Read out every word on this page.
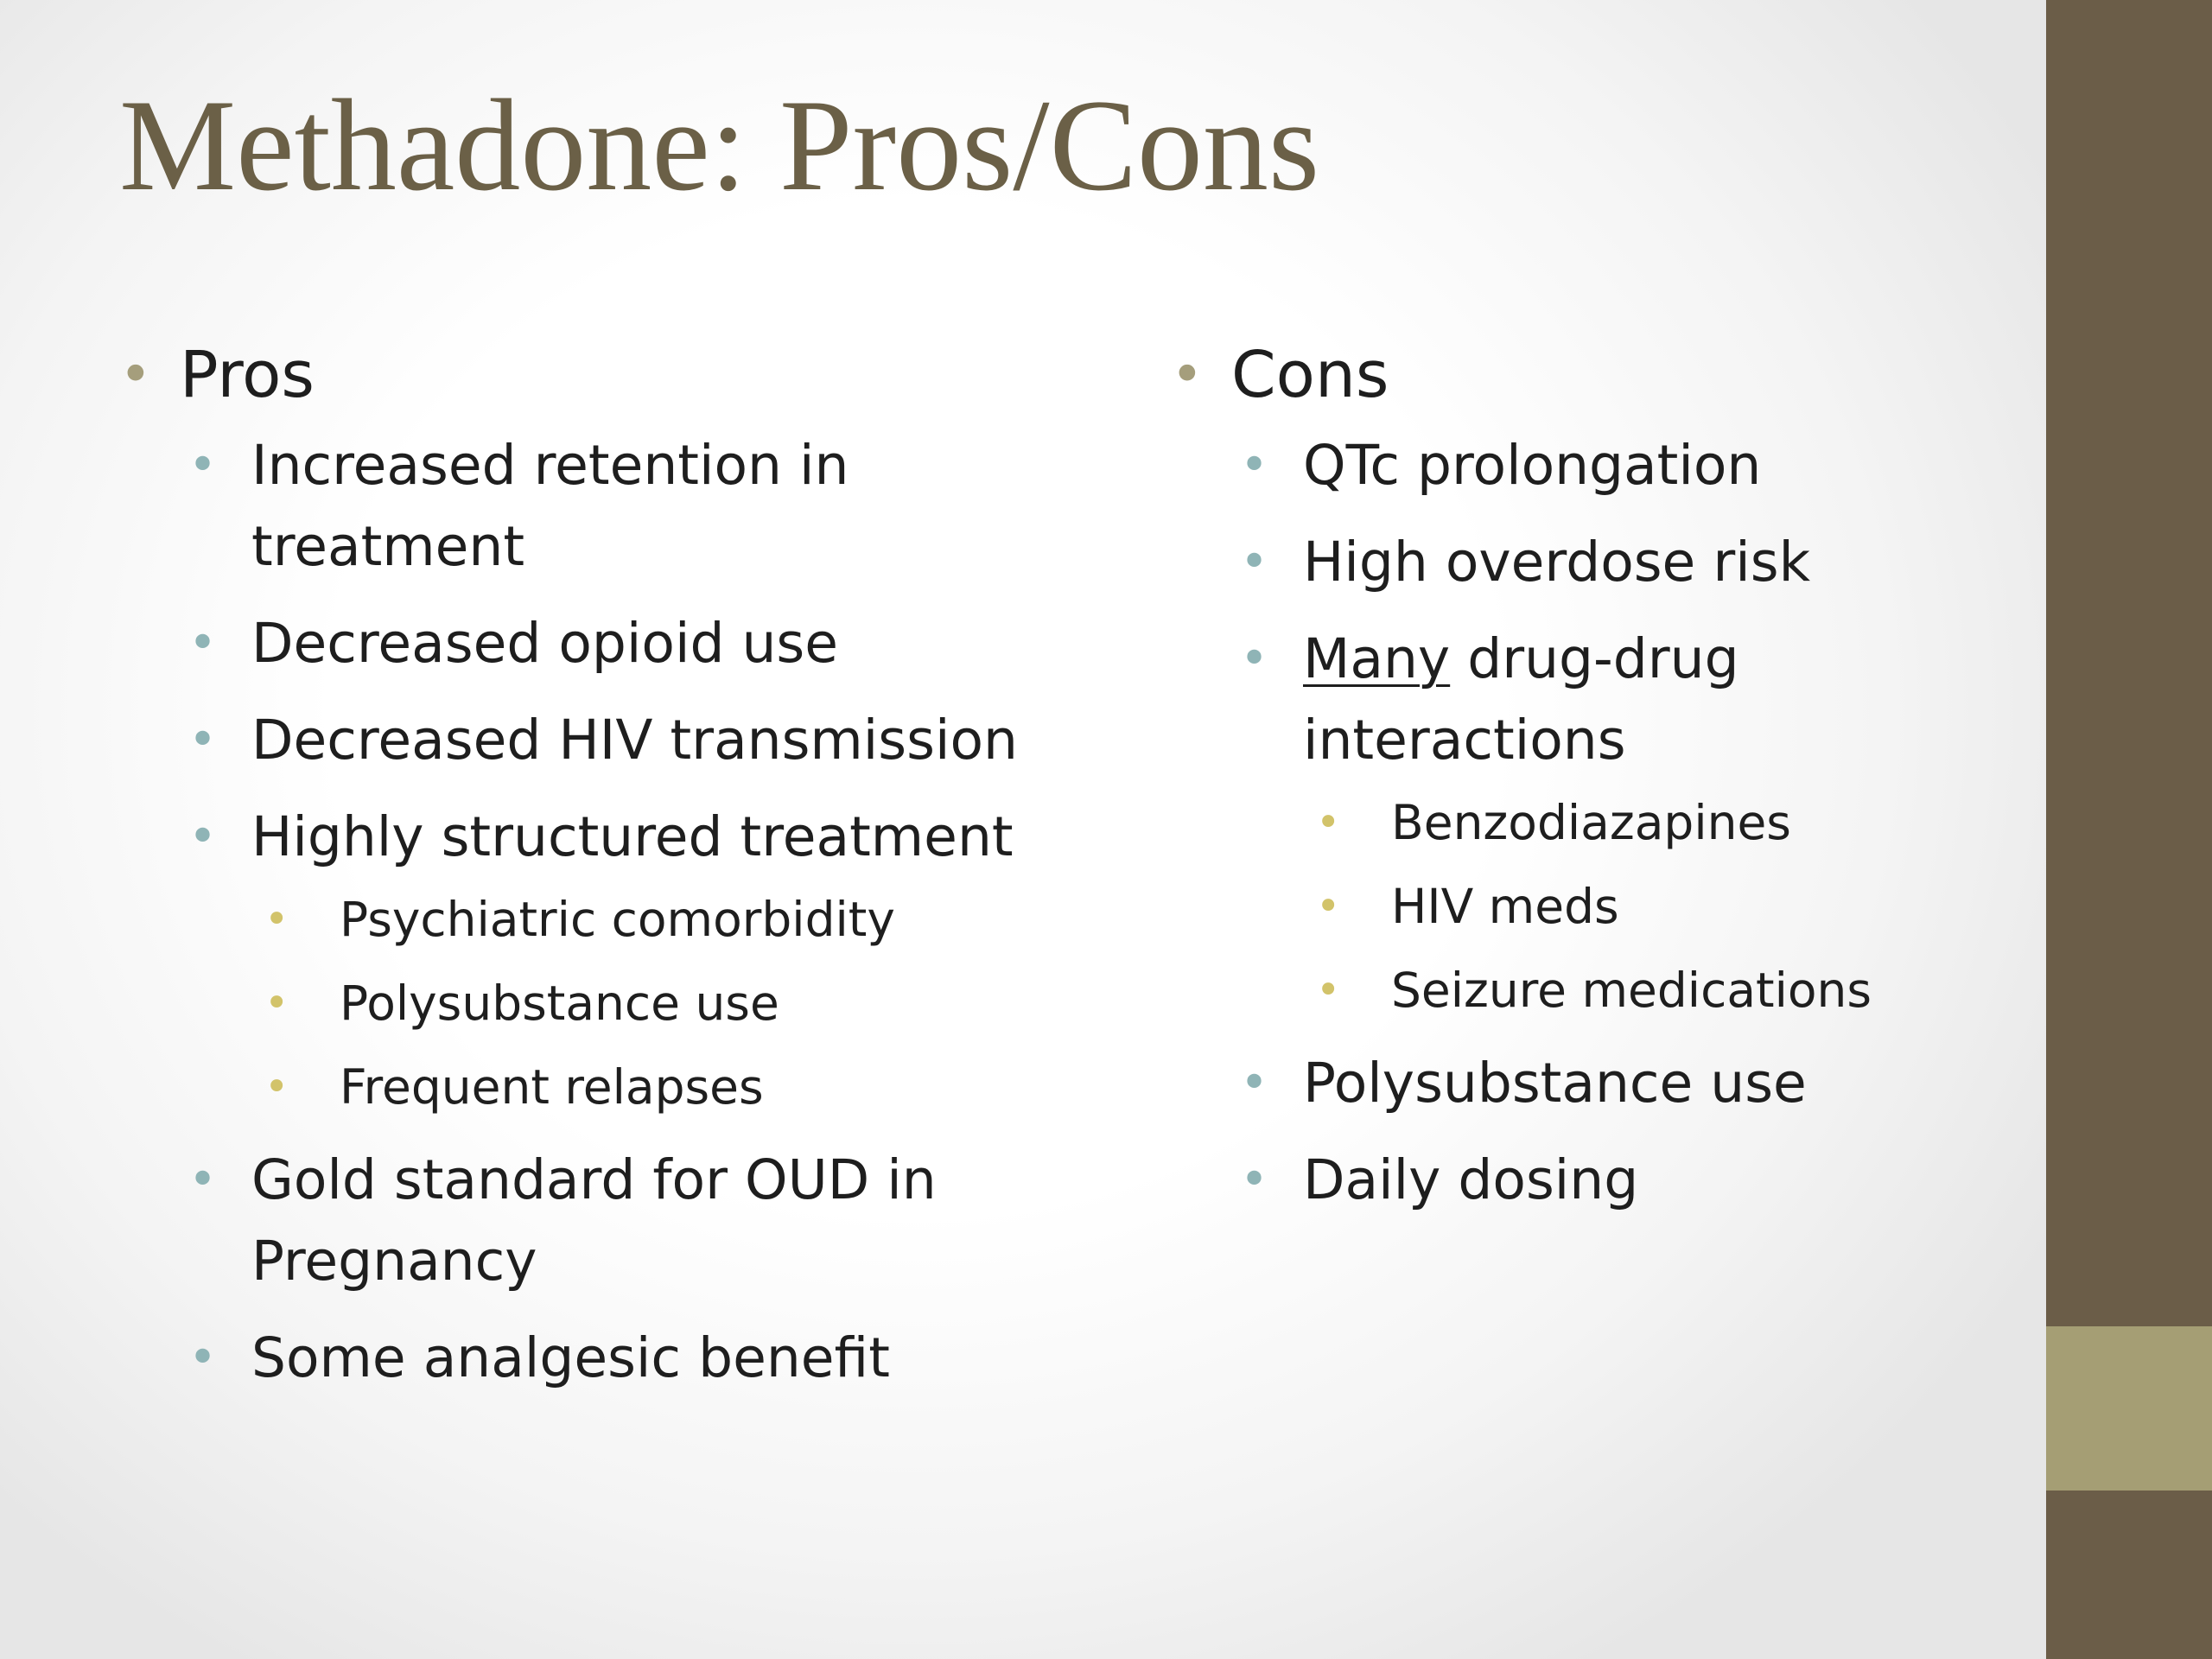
Methadone: Pros/Cons
• Pros
• Increased retention in treatment
• Decreased opioid use
• Decreased HIV transmission
• Highly structured treatment
• Psychiatric comorbidity
• Polysubstance use
• Frequent relapses
• Gold standard for OUD in Pregnancy
• Some analgesic benefit
• Cons
• QTc prolongation
• High overdose risk
• Many drug-drug interactions
• Benzodiazapines
• HIV meds
• Seizure medications
• Polysubstance use
• Daily dosing
